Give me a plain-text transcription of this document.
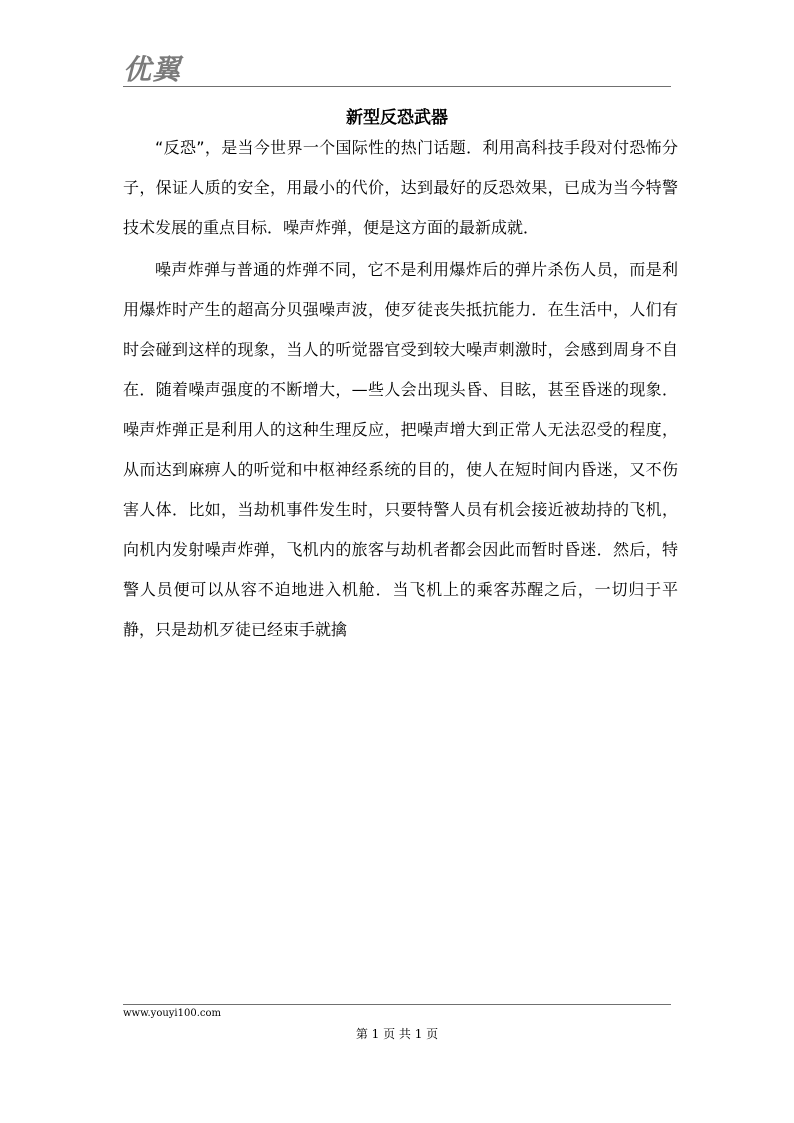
优翼
新型反恐武器

“反恐”，是当今世界一个国际性的热门话题．利用高科技手段对付恐怖分子，保证人质的安全，用最小的代价，达到最好的反恐效果，已成为当今特警技术发展的重点目标．噪声炸弹，便是这方面的最新成就．

噪声炸弹与普通的炸弹不同，它不是利用爆炸后的弹片杀伤人员，而是利用爆炸时产生的超高分贝强噪声波，使歹徒丧失抵抗能力．在生活中，人们有时会碰到这样的现象，当人的听觉器官受到较大噪声刺激时，会感到周身不自在．随着噪声强度的不断增大，—些人会出现头昏、目眩，甚至昏迷的现象．噪声炸弹正是利用人的这种生理反应，把噪声增大到正常人无法忍受的程度，从而达到麻痹人的听觉和中枢神经系统的目的，使人在短时间内昏迷，又不伤害人体．比如，当劫机事件发生时，只要特警人员有机会接近被劫持的飞机，向机内发射噪声炸弹，飞机内的旅客与劫机者都会因此而暂时昏迷．然后，特警人员便可以从容不迫地进入机舱．当飞机上的乘客苏醒之后，一切归于平静，只是劫机歹徒已经束手就擒

www.youyi100.com
第 1 页 共 1 页
